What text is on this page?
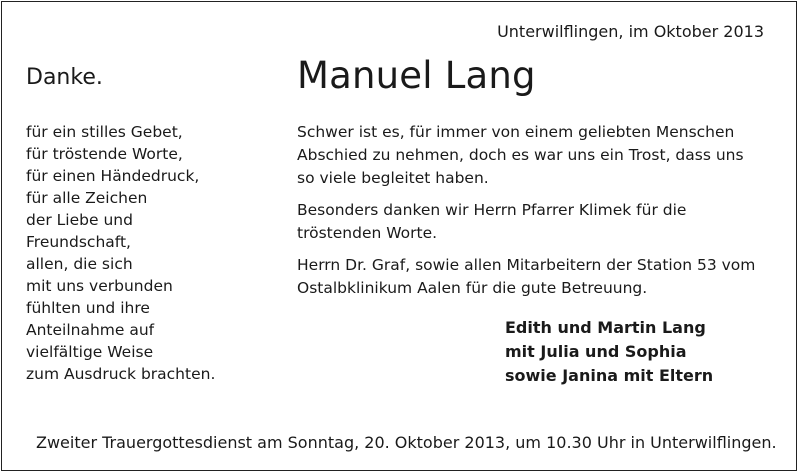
Unterwilflingen, im Oktober 2013
Danke.	Manuel Lang
für ein stilles Gebet,
für tröstende Worte,
für einen Händedruck,
für alle Zeichen
der Liebe und
Freundschaft,
allen, die sich
mit uns verbunden
fühlten und ihre
Anteilnahme auf
vielfältige Weise
zum Ausdruck brachten.

Schwer ist es, für immer von einem geliebten Menschen
Abschied zu nehmen, doch es war uns ein Trost, dass uns
so viele begleitet haben.

Besonders danken wir Herrn Pfarrer Klimek für die
tröstenden Worte.

Herrn Dr. Graf, sowie allen Mitarbeitern der Station 53 vom
Ostalbklinikum Aalen für die gute Betreuung.

Edith und Martin Lang
mit Julia und Sophia
sowie Janina mit Eltern
Zweiter Trauergottesdienst am Sonntag, 20. Oktober 2013, um 10.30 Uhr in Unterwilflingen.
